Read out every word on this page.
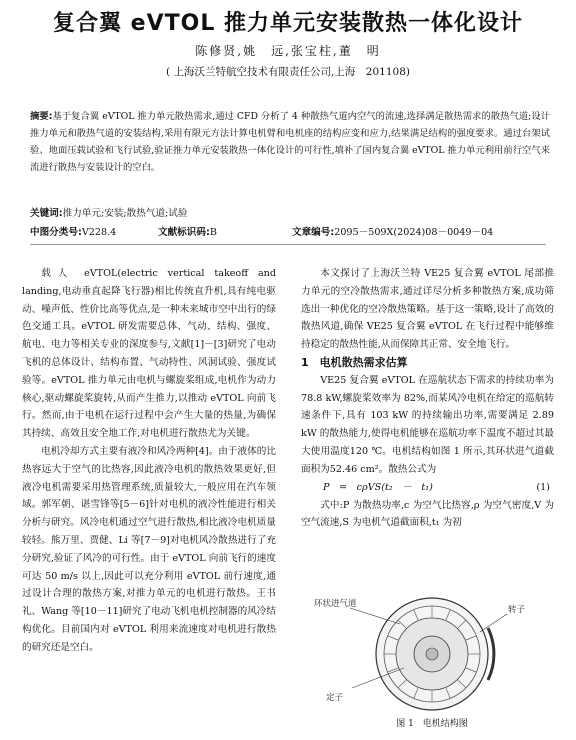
复合翼 eVTOL 推力单元安装散热一体化设计
陈修贤,姚　远,张宝柱,董　明
( 上海沃兰特航空技术有限责任公司,上海　201108)
摘要:基于复合翼 eVTOL 推力单元散热需求,通过 CFD 分析了 4 种散热气道内空气的流速,选择满足散热需求的散热气道;设计推力单元和散热气道的安装结构,采用有限元方法计算电机臂和电机座的结构应变和应力,结果满足结构的强度要求。通过台架试验、地面压载试验和飞行试验,验证推力单元安装散热一体化设计的可行性,填补了国内复合翼 eVTOL 推力单元利用前行空气来流进行散热与安装设计的空白。
关键词:推力单元;安装;散热气道;试验
中图分类号:V228.4	文献标识码:B	文章编号:2095－509X(2024)08－0049－04

载人 eVTOL(electric vertical takeoff and landing,电动垂直起降飞行器)相比传统直升机,具有纯电驱动、噪声低、性价比高等优点,是一种未来城市空中出行的绿色交通工具。eVTOL 研发需要总体、气动、结构、强度、航电、电力等相关专业的深度参与,文献[1]－[3]研究了电动飞机的总体设计、结构布置、气动特性、风洞试验、强度试验等。eVTOL 推力单元由电机与螺旋桨组成,电机作为动力核心,驱动螺旋桨旋转,从而产生推力,以推动 eVTOL 向前飞行。然而,由于电机在运行过程中会产生大量的热量,为确保其持续、高效且安全地工作,对电机进行散热尤为关键。

电机冷却方式主要有液冷和风冷两种[4]。由于液体的比热容远大于空气的比热容,因此液冷电机的散热效果更好,但液冷电机需要采用热管理系统,质量较大,一般应用在汽车领域。郭军朝、谌雪锋等[5－6]针对电机的液冷性能进行相关分析与研究。风冷电机通过空气进行散热,相比液冷电机质量较轻。熊万里、贾健、Li 等[7－9]对电机风冷散热进行了充分研究,验证了风冷的可行性。由于 eVTOL 向前飞行的速度可达 50 m/s 以上,因此可以充分利用 eVTOL 前行速度,通过设计合理的散热方案,对推力单元的电机进行散热。王书礼、Wang 等[10－11]研究了电动飞机电机控制器的风冷结构优化。目前国内对 eVTOL 利用来流速度对电机进行散热的研究还是空白。

本文探讨了上海沃兰特 VE25 复合翼 eVTOL 尾部推力单元的空冷散热需求,通过详尽分析多种散热方案,成功筛选出一种优化的空冷散热策略。基于这一策略,设计了高效的散热风道,确保 VE25 复合翼 eVTOL 在飞行过程中能够维持稳定的散热性能,从而保障其正常、安全地飞行。

1　电机散热需求估算

VE25 复合翼 eVTOL 在巡航状态下需求的持续功率为78.8 kW,螺旋桨效率为 82%,而某风冷电机在给定的巡航转速条件下,具有 103 kW 的持续输出功率,需要满足 2.89 kW 的散热能力,使得电机能够在巡航功率下温度不超过其最大使用温度120 ℃。电机结构如图 1 所示,其环状进气道截面积为52.46 cm²。散热公式为

P　=　cρVS(t₂　－　t₁)	(1)

式中:P 为散热功率,c 为空气比热容,ρ 为空气密度,V 为空气流速,S 为电机气道截面积,t₁ 为初

环状进气道
转子
定子
图 1　电机结构图
